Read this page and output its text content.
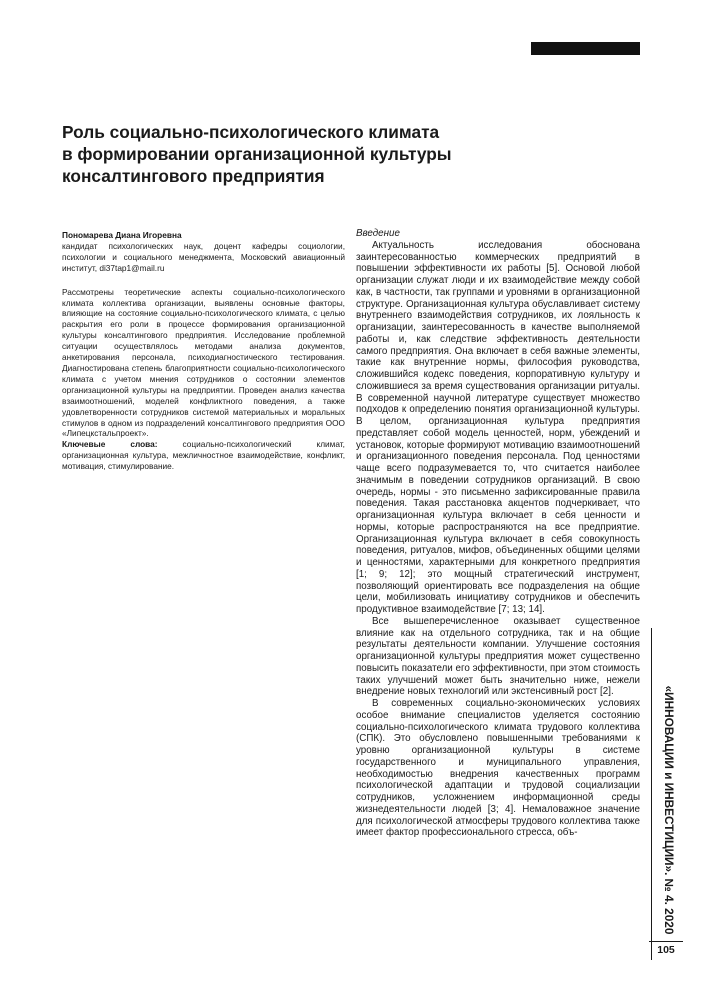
Роль социально-психологического климата
в формировании организационной культуры
консалтингового предприятия

Пономарева Диана Игоревна

кандидат психологических наук, доцент кафедры социологии, психологии и социального менеджмента, Московский авиационный институт, di37tap1@mail.ru

Рассмотрены теоретические аспекты социально-психологического климата коллектива организации, выявлены основные факторы, влияющие на состояние социально-психологического климата, с целью раскрытия его роли в процессе формирования организационной культуры консалтингового предприятия. Исследование проблемной ситуации осуществлялось методами анализа документов, анкетирования персонала, психодиагностического тестирования. Диагностирована степень благоприятности социально-психологического климата с учетом мнения сотрудников о состоянии элементов организационной культуры на предприятии. Проведен анализ качества взаимоотношений, моделей конфликтного поведения, а также удовлетворенности сотрудников системой материальных и моральных стимулов в одном из подразделений консалтингового предприятия ООО «Липецкстальпроект».

Ключевые слова: социально-психологический климат, организационная культура, межличностное взаимодействие, конфликт, мотивация, стимулирование.

Введение

Актуальность исследования обоснована заинтересованностью коммерческих предприятий в повышении эффективности их работы [5]. Основой любой организации служат люди и их взаимодействие между собой как, в частности, так группами и уровнями в организационной структуре. Организационная культура обуславливает систему внутреннего взаимодействия сотрудников, их лояльность к организации, заинтересованность в качестве выполняемой работы и, как следствие эффективность деятельности самого предприятия. Она включает в себя важные элементы, такие как внутренние нормы, философия руководства, сложившийся кодекс поведения, корпоративную культуру и сложившиеся за время существования организации ритуалы. В современной научной литературе существует множество подходов к определению понятия организационной культуры. В целом, организационная культура предприятия представляет собой модель ценностей, норм, убеждений и установок, которые формируют мотивацию взаимоотношений и организационного поведения персонала. Под ценностями чаще всего подразумевается то, что считается наиболее значимым в поведении сотрудников организаций. В свою очередь, нормы - это письменно зафиксированные правила поведения. Такая расстановка акцентов подчеркивает, что организационная культура включает в себя ценности и нормы, которые распространяются на все предприятие. Организационная культура включает в себя совокупность поведения, ритуалов, мифов, объединенных общими целями и ценностями, характерными для конкретного предприятия [1; 9; 12]; это мощный стратегический инструмент, позволяющий ориентировать все подразделения на общие цели, мобилизовать инициативу сотрудников и обеспечить продуктивное взаимодействие [7; 13; 14].

Все вышеперечисленное оказывает существенное влияние как на отдельного сотрудника, так и на общие результаты деятельности компании. Улучшение состояния организационной культуры предприятия может существенно повысить показатели его эффективности, при этом стоимость таких улучшений может быть значительно ниже, нежели внедрение новых технологий или экстенсивный рост [2].

В современных социально-экономических условиях особое внимание специалистов уделяется состоянию социально-психологического климата трудового коллектива (СПК). Это обусловлено повышенными требованиями к уровню организационной культуры в системе государственного и муниципального управления, необходимостью внедрения качественных программ психологической адаптации и трудовой социализации сотрудников, усложнением информационной среды жизнедеятельности людей [3; 4]. Немаловажное значение для психологической атмосферы трудового коллектива также имеет фактор профессионального стресса, объ-	«ИННОВАЦИИ и ИНВЕСТИЦИИ». № 4. 2020
105
